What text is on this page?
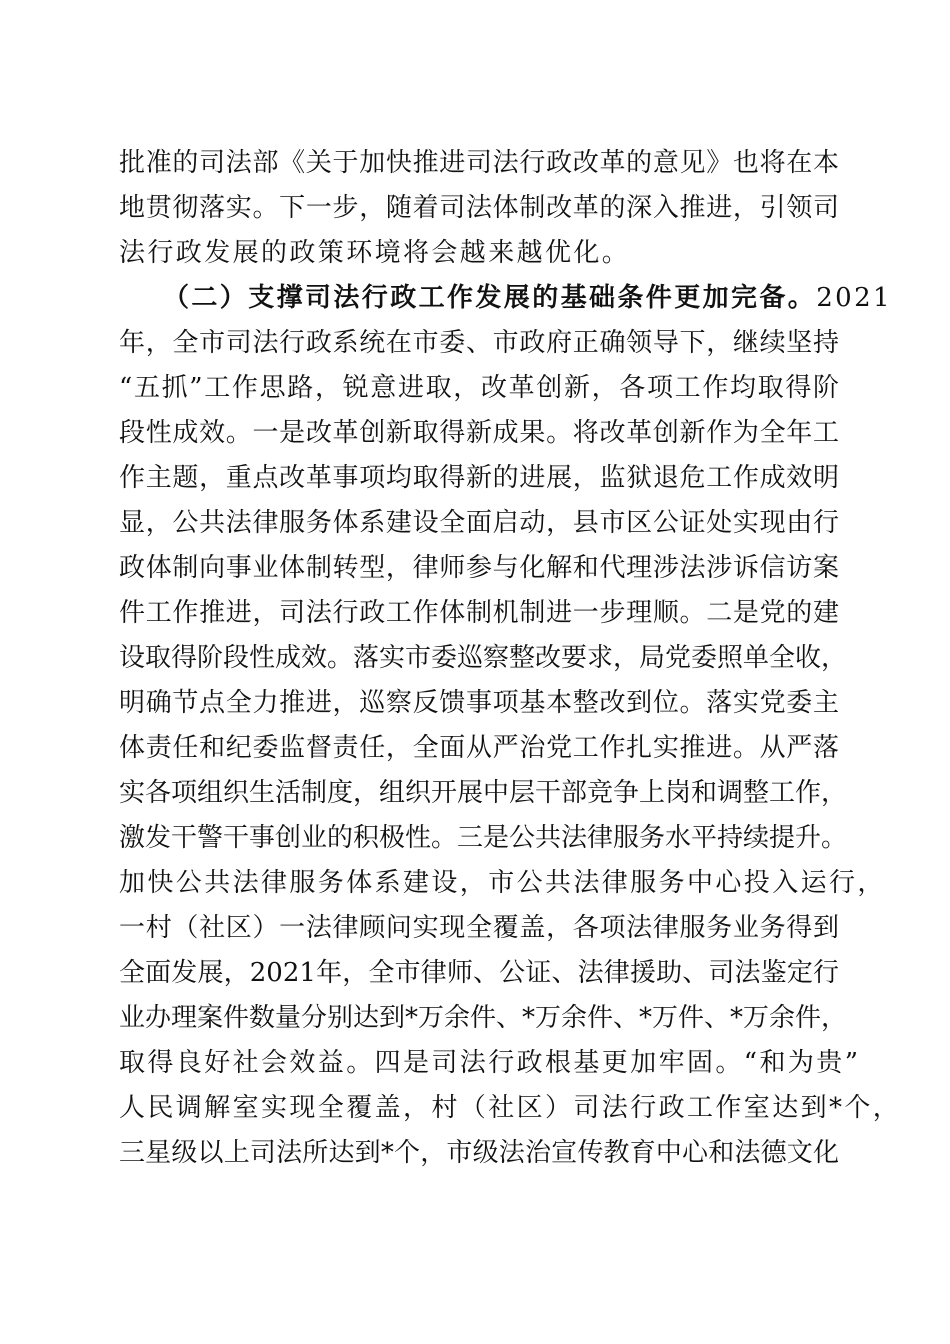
批准的司法部《关于加快推进司法行政改革的意见》也将在本
地贯彻落实。下一步，随着司法体制改革的深入推进，引领司
法行政发展的政策环境将会越来越优化。
（二）支撑司法行政工作发展的基础条件更加完备。2021
年，全市司法行政系统在市委、市政府正确领导下，继续坚持
“五抓”工作思路，锐意进取，改革创新，各项工作均取得阶
段性成效。一是改革创新取得新成果。将改革创新作为全年工
作主题，重点改革事项均取得新的进展，监狱退危工作成效明
显，公共法律服务体系建设全面启动，县市区公证处实现由行
政体制向事业体制转型，律师参与化解和代理涉法涉诉信访案
件工作推进，司法行政工作体制机制进一步理顺。二是党的建
设取得阶段性成效。落实市委巡察整改要求，局党委照单全收，
明确节点全力推进，巡察反馈事项基本整改到位。落实党委主
体责任和纪委监督责任，全面从严治党工作扎实推进。从严落
实各项组织生活制度，组织开展中层干部竞争上岗和调整工作，
激发干警干事创业的积极性。三是公共法律服务水平持续提升。
加快公共法律服务体系建设，市公共法律服务中心投入运行，
一村（社区）一法律顾问实现全覆盖，各项法律服务业务得到
全面发展，2021年，全市律师、公证、法律援助、司法鉴定行
业办理案件数量分别达到*万余件、*万余件、*万件、*万余件，
取得良好社会效益。四是司法行政根基更加牢固。“和为贵”
人民调解室实现全覆盖，村（社区）司法行政工作室达到*个，
三星级以上司法所达到*个，市级法治宣传教育中心和法德文化
